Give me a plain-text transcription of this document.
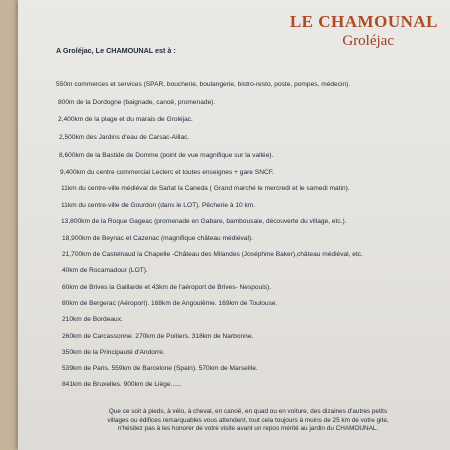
LE CHAMOUNAL
Groléjac
A Groléjac, Le CHAMOUNAL est à :
550m commerces et services (SPAR, boucherie, boulangerie, bistro-resto, poste, pompes, médecin).
800m de la Dordogne (baignade, canoë, promenade).
2,400km de la plage et du marais de Groléjac.
2,500km des Jardins d'eau de Carsac-Aillac.
8,600km de la Bastide de Domme (point de vue magnifique sur la vallée).
9,400km du centre commercial Leclerc et toutes enseignes + gare SNCF.
11km du centre-ville médiéval de Sarlat la Caneda ( Grand marché le mercredi et le samedi matin).
11km du centre-ville de Gourdon (dans le LOT). Pêcherie à 10 km.
13,800km de la Roque Gageac (promenade en Gabare, bambousaie, découverte du village, etc.).
18,900km de Beynac et Cazenac (magnifique château médiéval).
21,700km de Castelnaud la Chapelle -Château des Milandes (Joséphine Baker),château médiéval, etc.
40km de Rocamadour (LOT).
60km de Brives la Gaillarde et 43km de l'aéroport de Brives- Nespouls).
80km de Bergerac (Aéroport). 168km de Angoulême. 169km de Toulouse.
210km de Bordeaux.
260km de Carcassonne. 270km de Poitiers. 318km de Narbonne.
350km de la Principauté d'Andorre.
539km de Paris. 559km de Barcelone (Spain). 570km de Marseille.
841km de Bruxelles. 900km de Liège......
Que ce soit à pieds, à vélo, à cheval, en canoë, en quad ou en voiture, des dizaines d'autres petits
villages ou édifices remarquables vous attendent, tout cela toujours à moins de 25 km de votre gite,
n'hésitez pas à les honorer de votre visite avant un repos mérité au jardin du CHAMOUNAL.
